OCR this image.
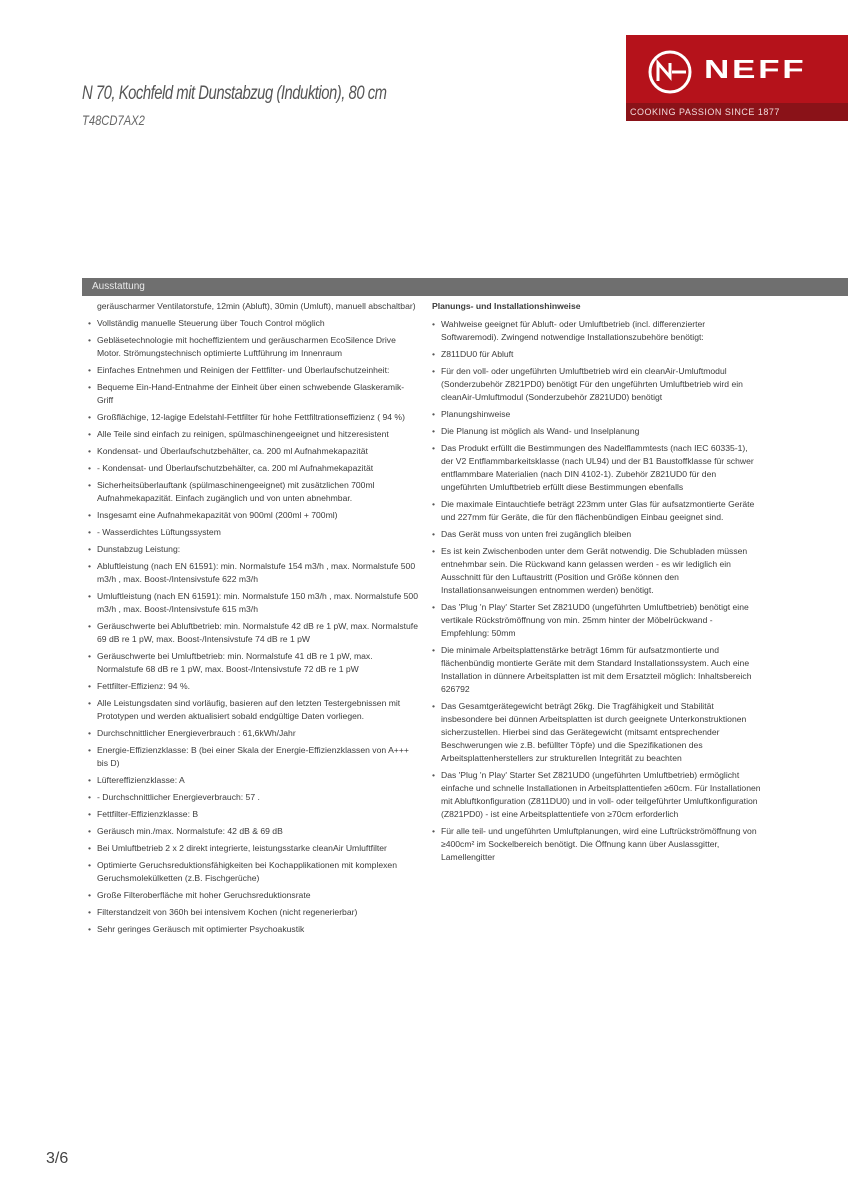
N 70, Kochfeld mit Dunstabzug (Induktion), 80 cm
T48CD7AX2
NEFF
COOKING PASSION SINCE 1877
Ausstattung

geräuscharmer Ventilatorstufe, 12min (Abluft), 30min (Umluft), manuell abschaltbar)

• Vollständig manuelle Steuerung über Touch Control möglich

• Gebläsetechnologie mit hocheffizientem und geräuscharmen EcoSilence Drive Motor. Strömungstechnisch optimierte Luftführung im Innenraum

• Einfaches Entnehmen und Reinigen der Fettfilter- und Überlaufschutzeinheit:

• Bequeme Ein-Hand-Entnahme der Einheit über einen schwebende Glaskeramik-Griff

• Großflächige, 12-lagige Edelstahl-Fettfilter für hohe Fettfiltrationseffizienz ( 94 %)

• Alle Teile sind einfach zu reinigen, spülmaschinengeeignet und hitzeresistent

• Kondensat- und Überlaufschutzbehälter, ca. 200 ml Aufnahmekapazität

• - Kondensat- und Überlaufschutzbehälter, ca. 200 ml Aufnahmekapazität

• Sicherheitsüberlauftank (spülmaschinengeeignet) mit zusätzlichen 700ml Aufnahmekapazität. Einfach zugänglich und von unten abnehmbar.

• Insgesamt eine Aufnahmekapazität von 900ml (200ml + 700ml)

• - Wasserdichtes Lüftungssystem

• Dunstabzug Leistung:

• Abluftleistung (nach EN 61591): min. Normalstufe 154 m3/h , max. Normalstufe 500 m3/h , max. Boost-/Intensivstufe 622 m3/h

• Umluftleistung (nach EN 61591): min. Normalstufe 150 m3/h , max. Normalstufe 500 m3/h , max. Boost-/Intensivstufe 615 m3/h

• Geräuschwerte bei Abluftbetrieb: min. Normalstufe 42 dB re 1 pW, max. Normalstufe 69 dB re 1 pW, max. Boost-/Intensivstufe 74 dB re 1 pW

• Geräuschwerte bei Umluftbetrieb: min. Normalstufe 41 dB re 1 pW, max. Normalstufe 68 dB re 1 pW, max. Boost-/Intensivstufe 72 dB re 1 pW

• Fettfilter-Effizienz: 94 %.

• Alle Leistungsdaten sind vorläufig, basieren auf den letzten Testergebnissen mit Prototypen und werden aktualisiert sobald endgültige Daten vorliegen.

• Durchschnittlicher Energieverbrauch : 61,6kWh/Jahr

• Energie-Effizienzklasse: B (bei einer Skala der Energie-Effizienzklassen von A+++ bis D)

• Lüftereffizienzklasse: A

• - Durchschnittlicher Energieverbrauch: 57 .

• Fettfilter-Effizienzklasse: B

• Geräusch min./max. Normalstufe: 42 dB & 69 dB

• Bei Umluftbetrieb 2 x 2 direkt integrierte, leistungsstarke cleanAir Umluftfilter

• Optimierte Geruchsreduktionsfähigkeiten bei Kochapplikationen mit komplexen Geruchsmolekülketten (z.B. Fischgerüche)

• Große Filteroberfläche mit hoher Geruchsreduktionsrate

• Filterstandzeit von 360h bei intensivem Kochen (nicht regenerierbar)

• Sehr geringes Geräusch mit optimierter Psychoakustik

Planungs- und Installationshinweise

• Wahlweise geeignet für Abluft- oder Umluftbetrieb (incl. differenzierter Softwaremodi). Zwingend notwendige Installationszubehöre benötigt:

• Z811DU0 für Abluft

• Für den voll- oder ungeführten Umluftbetrieb wird ein cleanAir-Umluftmodul (Sonderzubehör Z821PD0) benötigt Für den ungeführten Umluftbetrieb wird ein cleanAir-Umluftmodul (Sonderzubehör Z821UD0) benötigt

• Planungshinweise

• Die Planung ist möglich als Wand- und Inselplanung

• Das Produkt erfüllt die Bestimmungen des Nadelflammtests (nach IEC 60335-1), der V2 Entflammbarkeitsklasse (nach UL94) und der B1 Baustoffklasse für schwer entflammbare Materialien (nach DIN 4102-1). Zubehör Z821UD0 für den ungeführten Umluftbetrieb erfüllt diese Bestimmungen ebenfalls

• Die maximale Eintauchtiefe beträgt 223mm unter Glas für aufsatzmontierte Geräte und 227mm für Geräte, die für den flächenbündigen Einbau geeignet sind.

• Das Gerät muss von unten frei zugänglich bleiben

• Es ist kein Zwischenboden unter dem Gerät notwendig. Die Schubladen müssen entnehmbar sein. Die Rückwand kann gelassen werden - es wir lediglich ein Ausschnitt für den Luftaustritt (Position und Größe können den Installationsanweisungen entnommen werden) benötigt.

• Das 'Plug 'n Play' Starter Set Z821UD0 (ungeführten Umluftbetrieb) benötigt eine vertikale Rückströmöffnung von min. 25mm hinter der Möbelrückwand - Empfehlung: 50mm

• Die minimale Arbeitsplattenstärke beträgt 16mm für aufsatzmontierte und flächenbündig montierte Geräte mit dem Standard Installationssystem. Auch eine Installation in dünnere Arbeitsplatten ist mit dem Ersatzteil möglich: Inhaltsbereich 626792

• Das Gesamtgerätegewicht beträgt 26kg. Die Tragfähigkeit und Stabilität insbesondere bei dünnen Arbeitsplatten ist durch geeignete Unterkonstruktionen sicherzustellen. Hierbei sind das Gerätegewicht (mitsamt entsprechender Beschwerungen wie z.B. befüllter Töpfe) und die Spezifikationen des Arbeitsplattenherstellers zur strukturellen Integrität zu beachten

• Das 'Plug 'n Play' Starter Set Z821UD0 (ungeführten Umluftbetrieb) ermöglicht einfache und schnelle Installationen in Arbeitsplattentiefen ≥60cm. Für Installationen mit Abluftkonfiguration (Z811DU0) und in voll- oder teilgeführter Umluftkonfiguration (Z821PD0) - ist eine Arbeitsplattentiefe von ≥70cm erforderlich

• Für alle teil- und ungeführten Umluftplanungen, wird eine Luftrückströmöffnung von ≥400cm² im Sockelbereich benötigt. Die Öffnung kann über Auslassgitter, Lamellengitter

3/6
